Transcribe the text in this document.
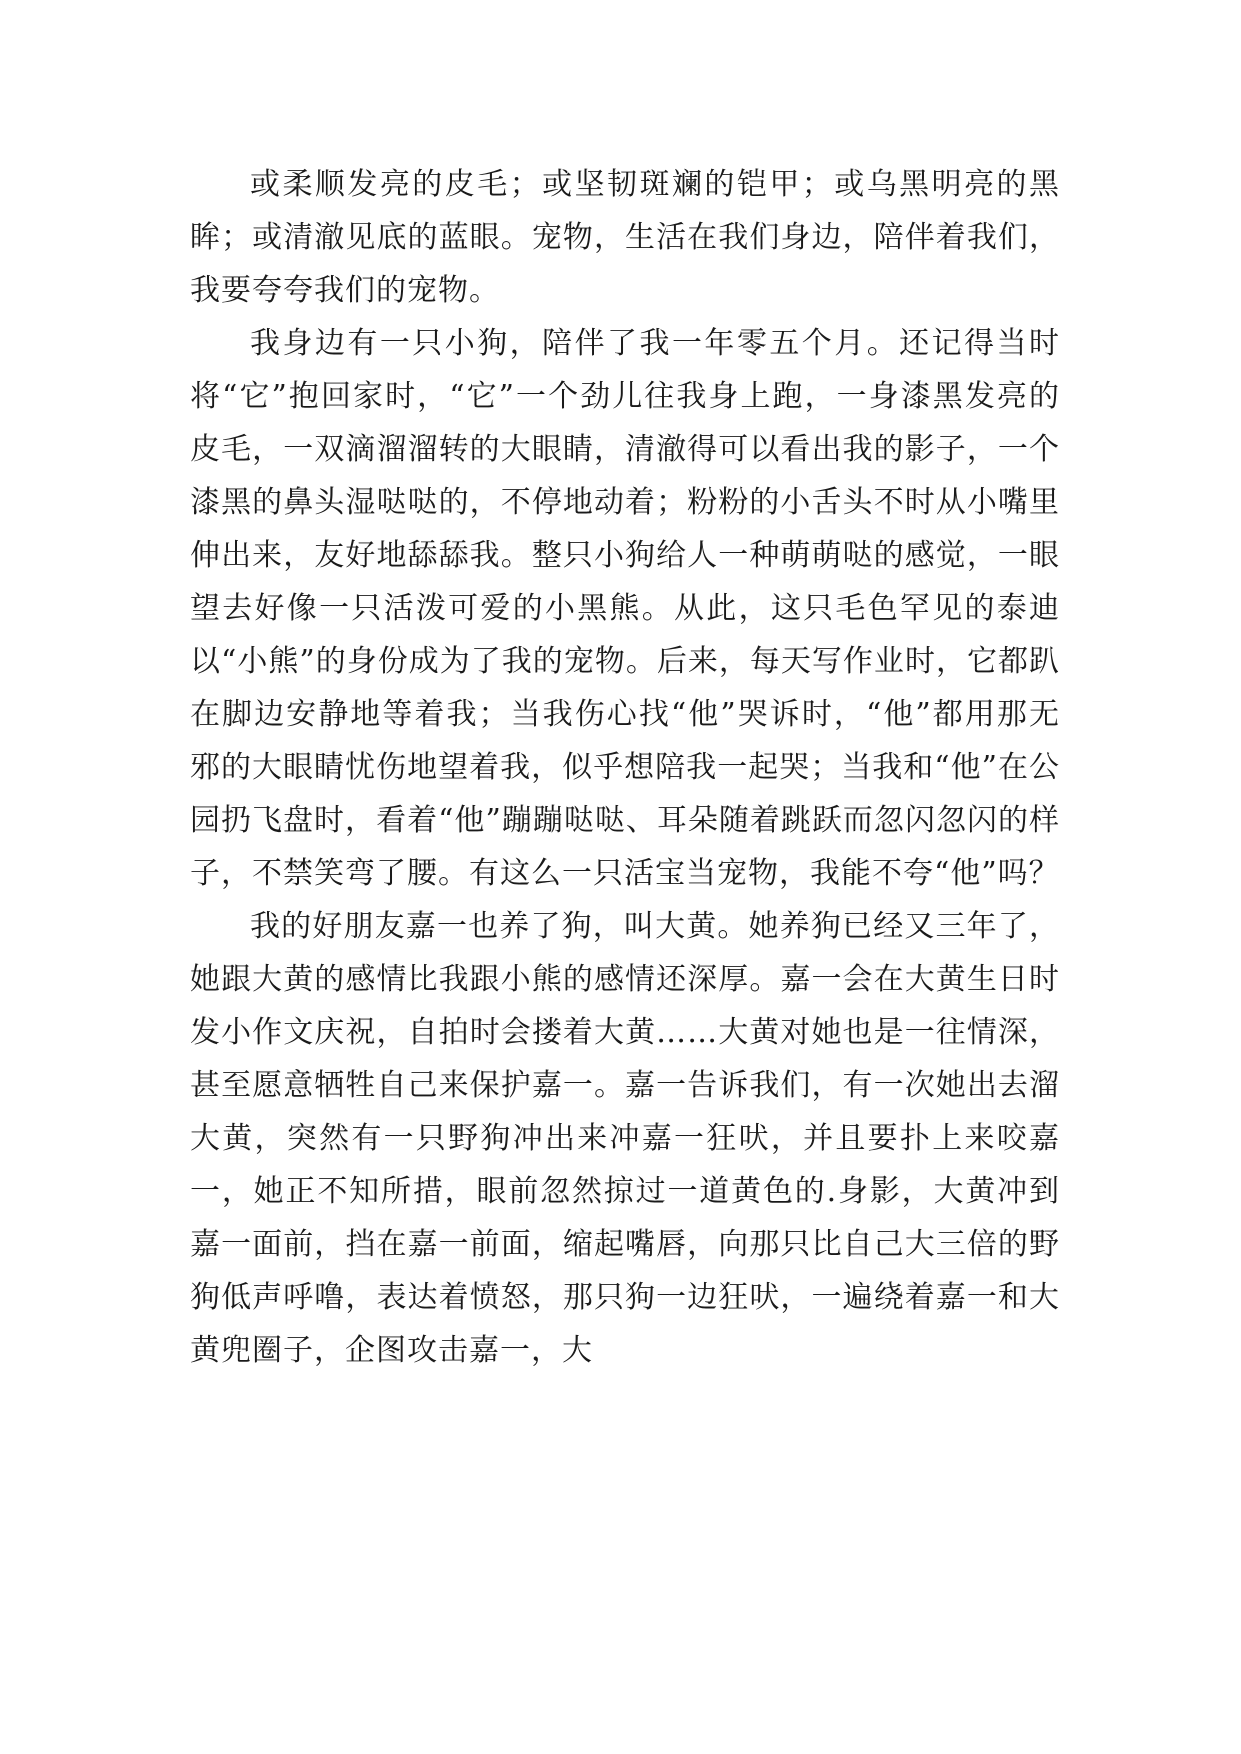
或柔顺发亮的皮毛；或坚韧斑斓的铠甲；或乌黑明亮的黑眸；或清澈见底的蓝眼。宠物，生活在我们身边，陪伴着我们，我要夸夸我们的宠物。

我身边有一只小狗，陪伴了我一年零五个月。还记得当时将“它”抱回家时，“它”一个劲儿往我身上跑，一身漆黑发亮的皮毛，一双滴溜溜转的大眼睛，清澈得可以看出我的影子，一个漆黑的鼻头湿哒哒的，不停地动着；粉粉的小舌头不时从小嘴里伸出来，友好地舔舔我。整只小狗给人一种萌萌哒的感觉，一眼望去好像一只活泼可爱的小黑熊。从此，这只毛色罕见的泰迪以“小熊”的身份成为了我的宠物。后来，每天写作业时，它都趴在脚边安静地等着我；当我伤心找“他”哭诉时，“他”都用那无邪的大眼睛忧伤地望着我，似乎想陪我一起哭；当我和“他”在公园扔飞盘时，看着“他”蹦蹦哒哒、耳朵随着跳跃而忽闪忽闪的样子，不禁笑弯了腰。有这么一只活宝当宠物，我能不夸“他”吗？

我的好朋友嘉一也养了狗，叫大黄。她养狗已经又三年了，她跟大黄的感情比我跟小熊的感情还深厚。嘉一会在大黄生日时发小作文庆祝，自拍时会搂着大黄……大黄对她也是一往情深，甚至愿意牺牲自己来保护嘉一。嘉一告诉我们，有一次她出去溜大黄，突然有一只野狗冲出来冲嘉一狂吠，并且要扑上来咬嘉一，她正不知所措，眼前忽然掠过一道黄色的.身影，大黄冲到嘉一面前，挡在嘉一前面，缩起嘴唇，向那只比自己大三倍的野狗低声呼噜，表达着愤怒，那只狗一边狂吠，一遍绕着嘉一和大黄兜圈子，企图攻击嘉一，大
